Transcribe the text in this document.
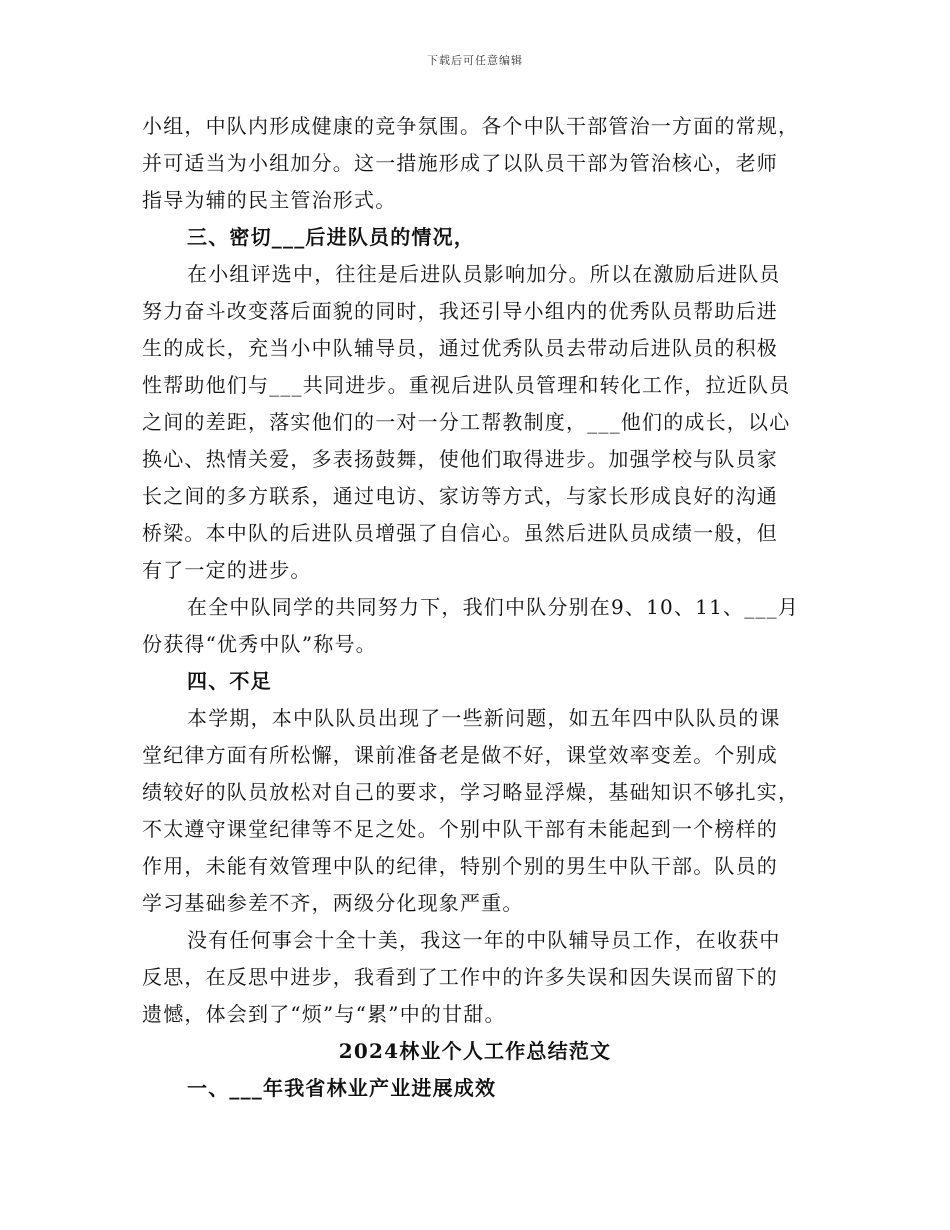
下载后可任意编辑
小组，中队内形成健康的竞争氛围。各个中队干部管治一方面的常规，
并可适当为小组加分。这一措施形成了以队员干部为管治核心，老师
指导为辅的民主管治形式。
三、密切___后进队员的情况，
在小组评选中，往往是后进队员影响加分。所以在激励后进队员
努力奋斗改变落后面貌的同时，我还引导小组内的优秀队员帮助后进
生的成长，充当小中队辅导员，通过优秀队员去带动后进队员的积极
性帮助他们与___共同进步。重视后进队员管理和转化工作，拉近队员
之间的差距，落实他们的一对一分工帮教制度，___他们的成长，以心
换心、热情关爱，多表扬鼓舞，使他们取得进步。加强学校与队员家
长之间的多方联系，通过电访、家访等方式，与家长形成良好的沟通
桥梁。本中队的后进队员增强了自信心。虽然后进队员成绩一般，但
有了一定的进步。
在全中队同学的共同努力下，我们中队分别在9、10、11、___月
份获得“优秀中队”称号。
四、不足
本学期，本中队队员出现了一些新问题，如五年四中队队员的课
堂纪律方面有所松懈，课前准备老是做不好，课堂效率变差。个别成
绩较好的队员放松对自己的要求，学习略显浮燥，基础知识不够扎实，
不太遵守课堂纪律等不足之处。个别中队干部有未能起到一个榜样的
作用，未能有效管理中队的纪律，特别个别的男生中队干部。队员的
学习基础参差不齐，两级分化现象严重。
没有任何事会十全十美，我这一年的中队辅导员工作，在收获中
反思，在反思中进步，我看到了工作中的许多失误和因失误而留下的
遗憾，体会到了“烦”与“累”中的甘甜。
2024林业个人工作总结范文
一、___年我省林业产业进展成效
